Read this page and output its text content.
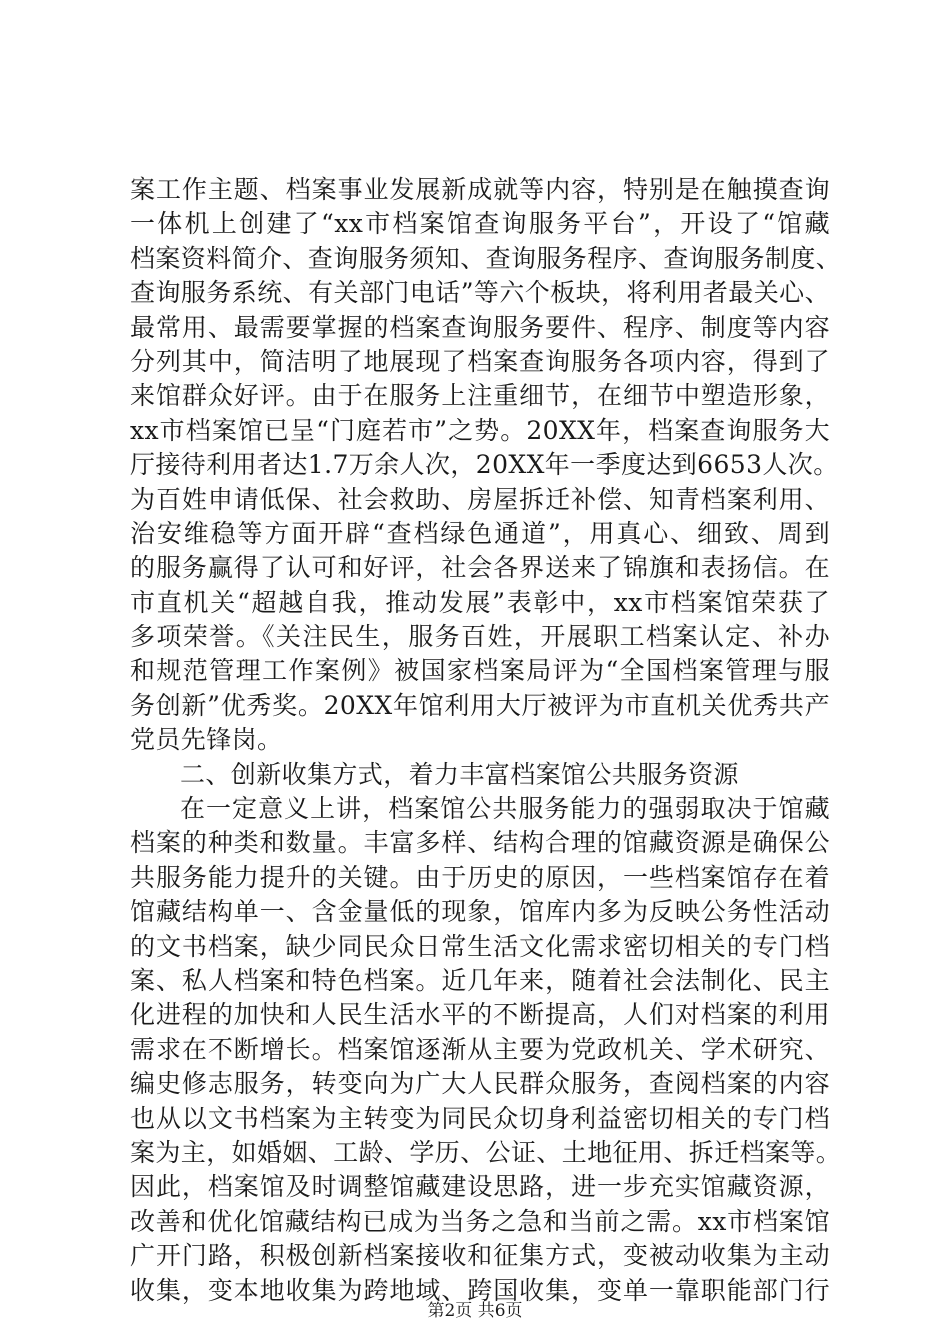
案工作主题、档案事业发展新成就等内容，特别是在触摸查询
一体机上创建了“xx市档案馆查询服务平台”，开设了“馆藏
档案资料简介、查询服务须知、查询服务程序、查询服务制度、
查询服务系统、有关部门电话”等六个板块，将利用者最关心、
最常用、最需要掌握的档案查询服务要件、程序、制度等内容
分列其中，简洁明了地展现了档案查询服务各项内容，得到了
来馆群众好评。由于在服务上注重细节，在细节中塑造形象，
xx市档案馆已呈“门庭若市”之势。20XX年，档案查询服务大
厅接待利用者达1.7万余人次，20XX年一季度达到6653人次。
为百姓申请低保、社会救助、房屋拆迁补偿、知青档案利用、
治安维稳等方面开辟“查档绿色通道”，用真心、细致、周到
的服务赢得了认可和好评，社会各界送来了锦旗和表扬信。在
市直机关“超越自我，推动发展”表彰中，xx市档案馆荣获了
多项荣誉。《关注民生，服务百姓，开展职工档案认定、补办
和规范管理工作案例》被国家档案局评为“全国档案管理与服
务创新”优秀奖。20XX年馆利用大厅被评为市直机关优秀共产
党员先锋岗。
二、创新收集方式，着力丰富档案馆公共服务资源
在一定意义上讲，档案馆公共服务能力的强弱取决于馆藏
档案的种类和数量。丰富多样、结构合理的馆藏资源是确保公
共服务能力提升的关键。由于历史的原因，一些档案馆存在着
馆藏结构单一、含金量低的现象，馆库内多为反映公务性活动
的文书档案，缺少同民众日常生活文化需求密切相关的专门档
案、私人档案和特色档案。近几年来，随着社会法制化、民主
化进程的加快和人民生活水平的不断提高，人们对档案的利用
需求在不断增长。档案馆逐渐从主要为党政机关、学术研究、
编史修志服务，转变向为广大人民群众服务，查阅档案的内容
也从以文书档案为主转变为同民众切身利益密切相关的专门档
案为主，如婚姻、工龄、学历、公证、土地征用、拆迁档案等。
因此，档案馆及时调整馆藏建设思路，进一步充实馆藏资源，
改善和优化馆藏结构已成为当务之急和当前之需。xx市档案馆
广开门路，积极创新档案接收和征集方式，变被动收集为主动
收集，变本地收集为跨地域、跨国收集，变单一靠职能部门行
第2页 共6页
